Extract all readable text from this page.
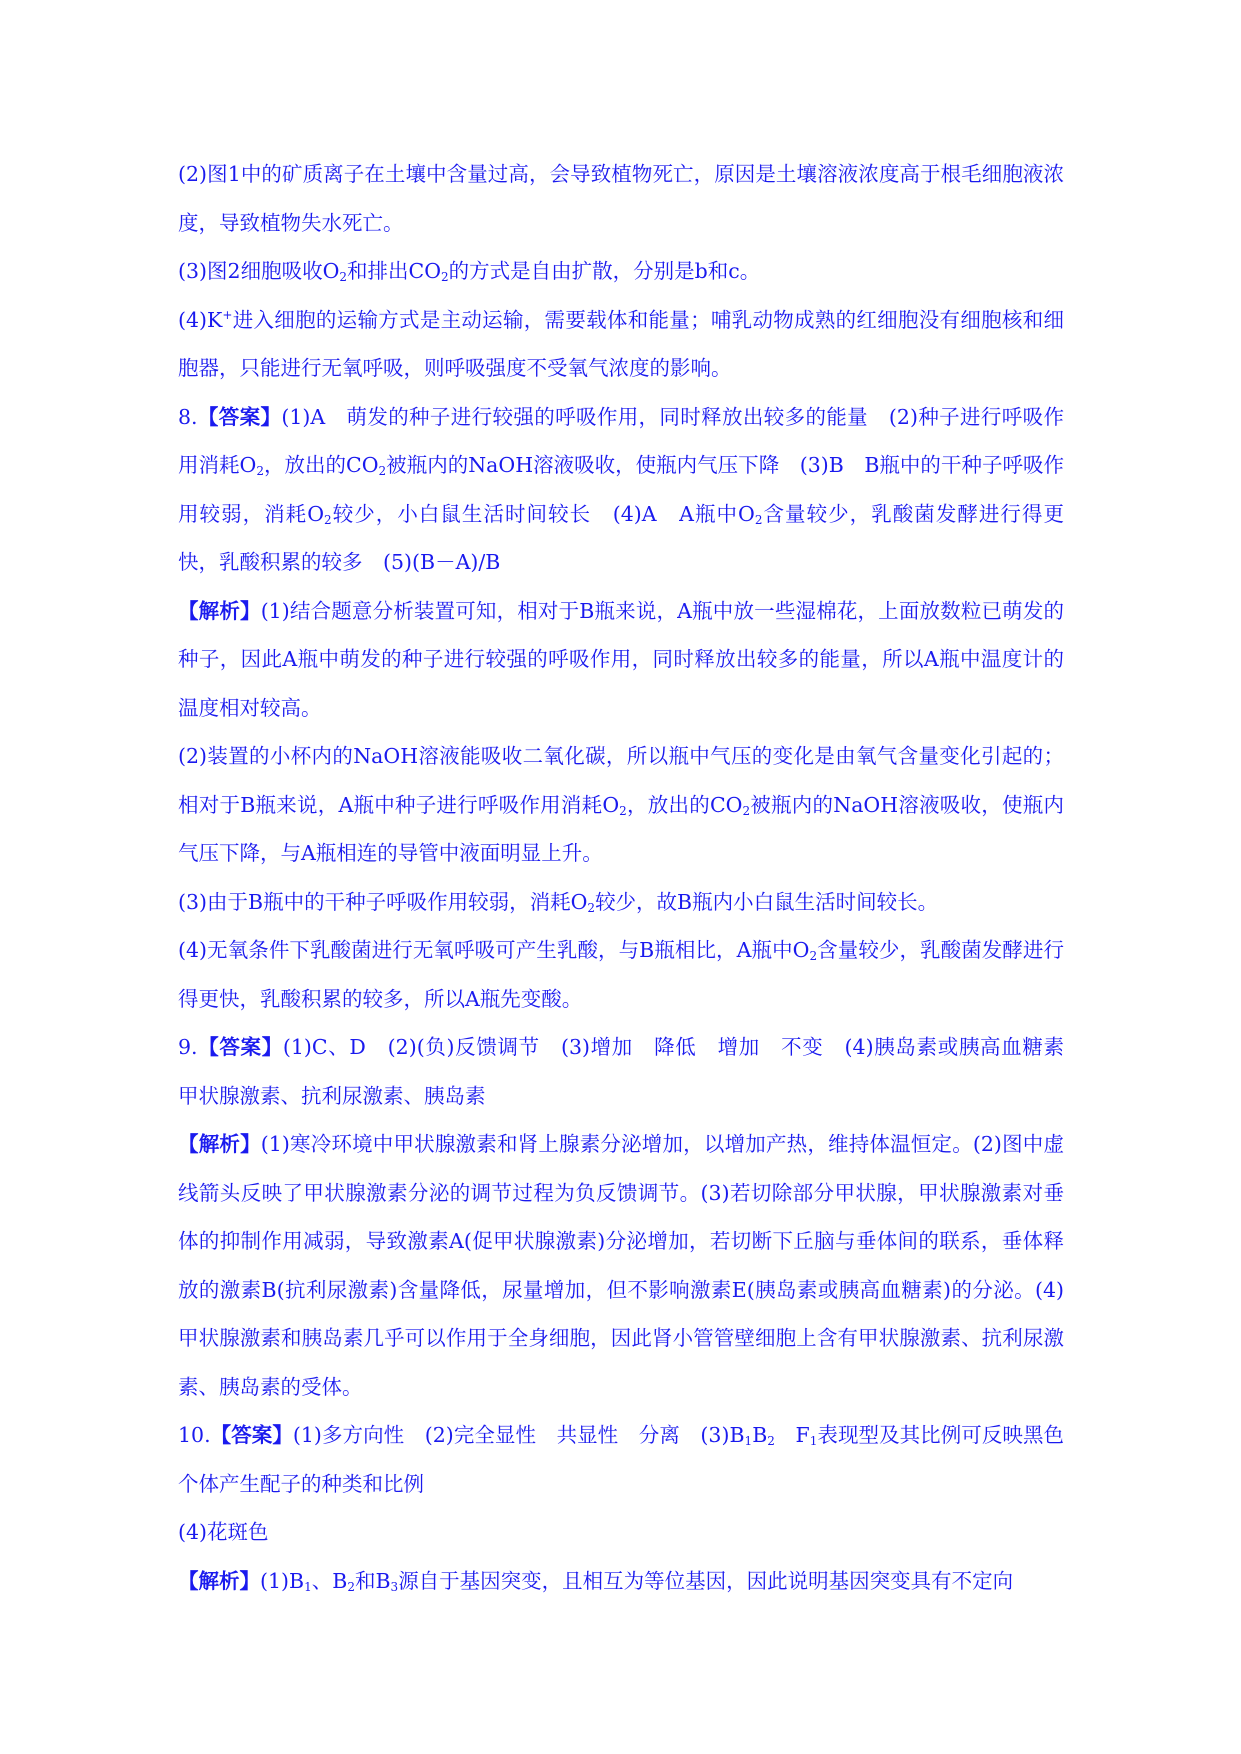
(2)图1中的矿质离子在土壤中含量过高，会导致植物死亡，原因是土壤溶液浓度高于根毛细胞液浓度，导致植物失水死亡。

(3)图2细胞吸收$O_2$和排出$CO_2$的方式是自由扩散，分别是b和c。

(4)K+进入细胞的运输方式是主动运输，需要载体和能量；哺乳动物成熟的红细胞没有细胞核和细胞器，只能进行无氧呼吸，则呼吸强度不受氧气浓度的影响。

8.【答案】(1)A　萌发的种子进行较强的呼吸作用，同时释放出较多的能量　(2)种子进行呼吸作用消耗$O_2$，放出的$CO_2$被瓶内的NaOH溶液吸收，使瓶内气压下降　(3)B　B瓶中的干种子呼吸作用较弱，消耗$O_2$较少，小白鼠生活时间较长　(4)A　A瓶中$O_2$含量较少，乳酸菌发酵进行得更快，乳酸积累的较多　(5)(B－A)/B

【解析】(1)结合题意分析装置可知，相对于B瓶来说，A瓶中放一些湿棉花，上面放数粒已萌发的种子，因此A瓶中萌发的种子进行较强的呼吸作用，同时释放出较多的能量，所以A瓶中温度计的温度相对较高。

(2)装置的小杯内的NaOH溶液能吸收二氧化碳，所以瓶中气压的变化是由氧气含量变化引起的；相对于B瓶来说，A瓶中种子进行呼吸作用消耗$O_2$，放出的$CO_2$被瓶内的NaOH溶液吸收，使瓶内气压下降，与A瓶相连的导管中液面明显上升。

(3)由于B瓶中的干种子呼吸作用较弱，消耗$O_2$较少，故B瓶内小白鼠生活时间较长。

(4)无氧条件下乳酸菌进行无氧呼吸可产生乳酸，与B瓶相比，A瓶中$O_2$含量较少，乳酸菌发酵进行得更快，乳酸积累的较多，所以A瓶先变酸。

9.【答案】(1)C、D　(2)(负)反馈调节　(3)增加　降低　增加　不变　(4)胰岛素或胰高血糖素　甲状腺激素、抗利尿激素、胰岛素

【解析】(1)寒冷环境中甲状腺激素和肾上腺素分泌增加，以增加产热，维持体温恒定。(2)图中虚线箭头反映了甲状腺激素分泌的调节过程为负反馈调节。(3)若切除部分甲状腺，甲状腺激素对垂体的抑制作用减弱，导致激素A(促甲状腺激素)分泌增加，若切断下丘脑与垂体间的联系，垂体释放的激素B(抗利尿激素)含量降低，尿量增加，但不影响激素E(胰岛素或胰高血糖素)的分泌。(4)甲状腺激素和胰岛素几乎可以作用于全身细胞，因此肾小管管壁细胞上含有甲状腺激素、抗利尿激素、胰岛素的受体。

10.【答案】(1)多方向性　(2)完全显性　共显性　分离　$(3)B_1B_2$　$F_1$表现型及其比例可反映黑色个体产生配子的种类和比例

(4)花斑色

【解析】$(1)B_1$、$B_2$和$B_3$源自于基因突变，且相互为等位基因，因此说明基因突变具有不定向
